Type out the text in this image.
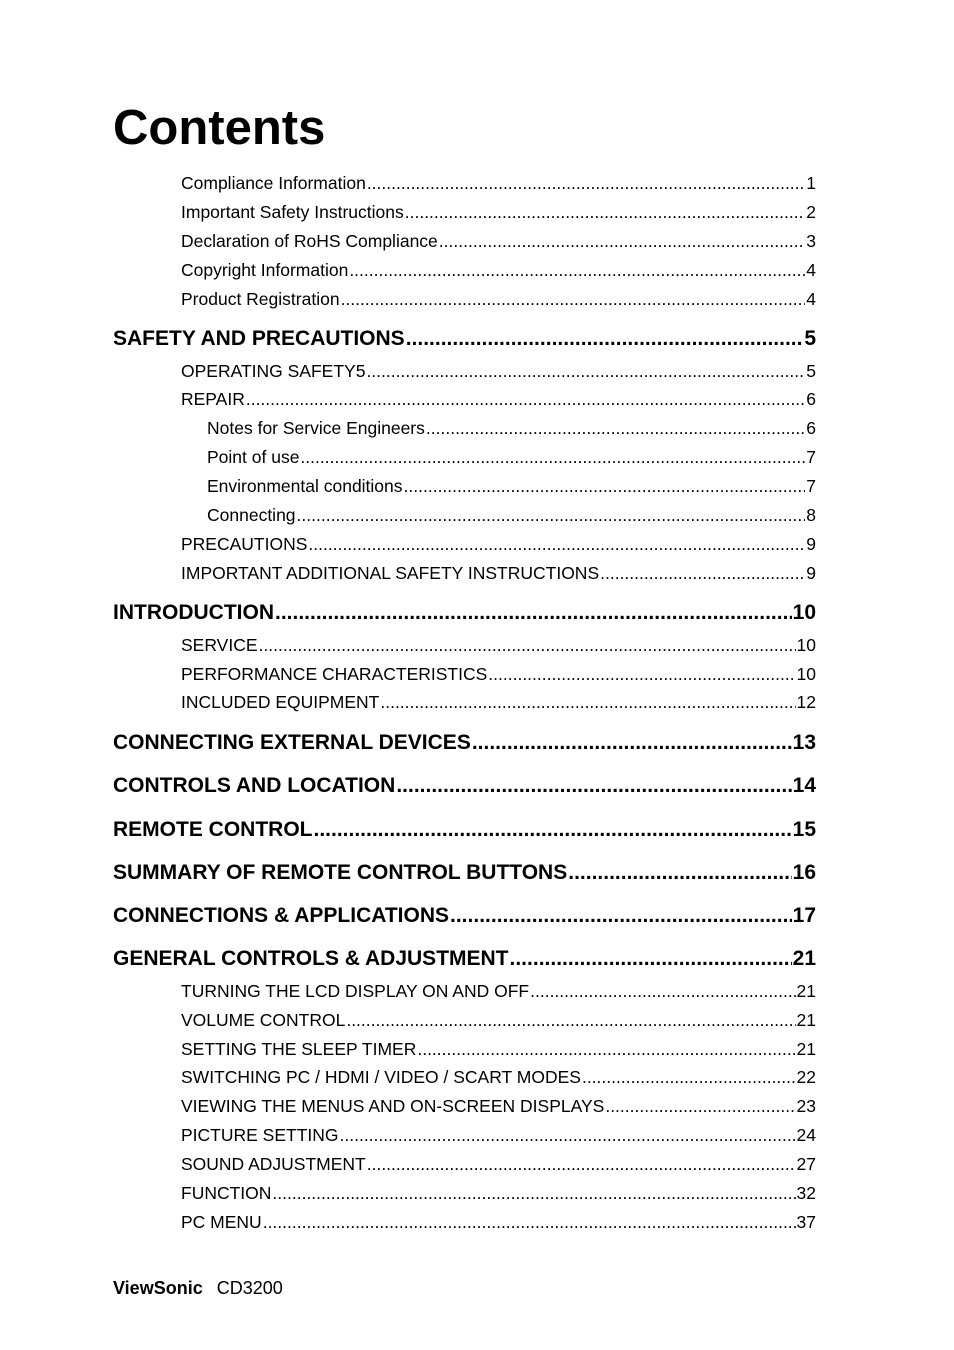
Contents
Compliance Information .....	1
Important Safety Instructions .....	2
Declaration of RoHS Compliance .....	3
Copyright Information .....	4
Product Registration .....	4
SAFETY AND PRECAUTIONS .....	5
OPERATING SAFETY5 .....	5
REPAIR .....	6
Notes for Service Engineers .....	6
Point of use .....	7
Environmental conditions .....	7
Connecting .....	8
PRECAUTIONS .....	9
IMPORTANT ADDITIONAL SAFETY INSTRUCTIONS .....	9
INTRODUCTION .....	10
SERVICE .....	10
PERFORMANCE CHARACTERISTICS .....	10
INCLUDED EQUIPMENT .....	12
CONNECTING EXTERNAL DEVICES .....	13
CONTROLS AND LOCATION .....	14
REMOTE CONTROL .....	15
SUMMARY OF REMOTE CONTROL BUTTONS .....	16
CONNECTIONS & APPLICATIONS .....	17
GENERAL CONTROLS & ADJUSTMENT .....	21
TURNING THE LCD DISPLAY ON AND OFF .....	21
VOLUME CONTROL .....	21
SETTING THE SLEEP TIMER .....	21
SWITCHING PC / HDMI / VIDEO / SCART MODES .....	22
VIEWING THE MENUS AND ON-SCREEN DISPLAYS .....	23
PICTURE SETTING .....	24
SOUND ADJUSTMENT .....	27
FUNCTION .....	32
PC MENU .....	37
ViewSonic CD3200
